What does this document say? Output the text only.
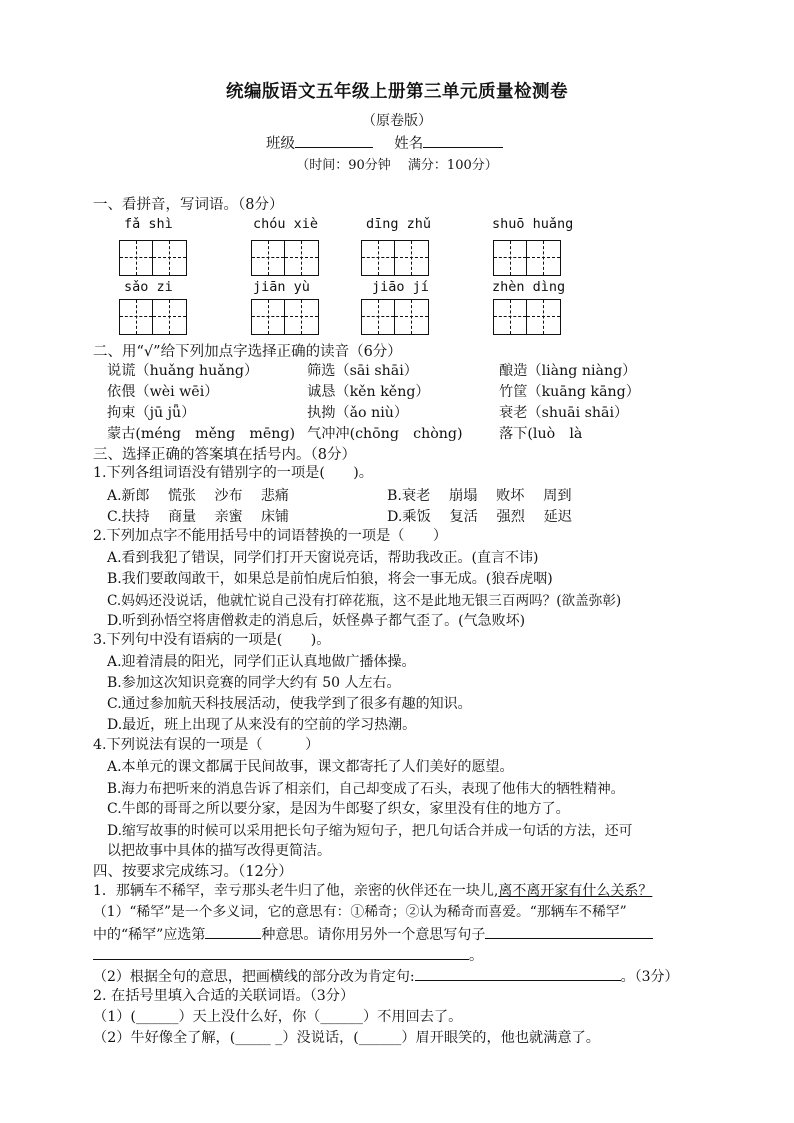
统编版语文五年级上册第三单元质量检测卷
（原卷版）
班级	姓名
（时间：90分钟　 满分：100分）
一、看拼音，写词语。（8分）
fǎ shì	chóu xiè	dīng zhǔ	shuō huǎng
sǎo zi	jiān yù	jiāo jí	zhèn dìng
二、用“√”给下列加点字选择正确的读音（6分）
说谎（huǎng huǎng）	筛选（sāi shāi）	酿造（liàng niàng）
依偎（wèi wēi）	诚恳（kěn kěng）	竹筐（kuāng kāng）
拘束（jū jǖ）	执拗（ǎo niù）	衰老（shuāi shāi）
蒙古(méng　měng　mēng) 气冲冲(chōng　chòng)	落下(luò　là
三、选择正确的答案填在括号内。（8分）
1.下列各组词语没有错别字的一项是(　　)。
A.新郎　 慌张　 沙布　 悲痛	B.衰老　 崩塌　 败坏　 周到
C.扶持　 商量　 亲蜜　 床铺	D.乘饭　 复活　 强烈　 延迟
2.下列加点字不能用括号中的词语替换的一项是（　　）
A.看到我犯了错误，同学们打开天窗说亮话，帮助我改正。(直言不讳)
B.我们要敢闯敢干，如果总是前怕虎后怕狼，将会一事无成。(狼吞虎咽)
C.妈妈还没说话，他就忙说自己没有打碎花瓶，这不是此地无银三百两吗？(欲盖弥彰)
D.听到孙悟空将唐僧救走的消息后，妖怪鼻子都气歪了。(气急败坏)
3.下列句中没有语病的一项是(　　)。
A.迎着清晨的阳光，同学们正认真地做广播体操。
B.参加这次知识竞赛的同学大约有 50 人左右。
C.通过参加航天科技展活动，使我学到了很多有趣的知识。
D.最近，班上出现了从来没有的空前的学习热潮。
4.下列说法有误的一项是（　　　）
A.本单元的课文都属于民间故事，课文都寄托了人们美好的愿望。
B.海力布把听来的消息告诉了相亲们，自己却变成了石头，表现了他伟大的牺牲精神。
C.牛郎的哥哥之所以要分家，是因为牛郎娶了织女，家里没有住的地方了。
D.缩写故事的时候可以采用把长句子缩为短句子，把几句话合并成一句话的方法，还可
以把故事中具体的描写改得更简洁。
四、按要求完成练习。（12分）
1．那辆车不稀罕，幸亏那头老牛归了他，亲密的伙伴还在一块儿,离不离开家有什么关系？
（1）“稀罕”是一个多义词，它的意思有：①稀奇；②认为稀奇而喜爱。“那辆车不稀罕”
中的“稀罕”应选第	种意思。请你用另外一个意思写句子
。
（2）根据全句的意思，把画横线的部分改为肯定句:	。（3分）
2. 在括号里填入合适的关联词语。（3分）
（1）(______）天上没什么好，你（______）不用回去了。
（2）牛好像全了解，(_____ _）没说话，(______）眉开眼笑的，他也就满意了。
